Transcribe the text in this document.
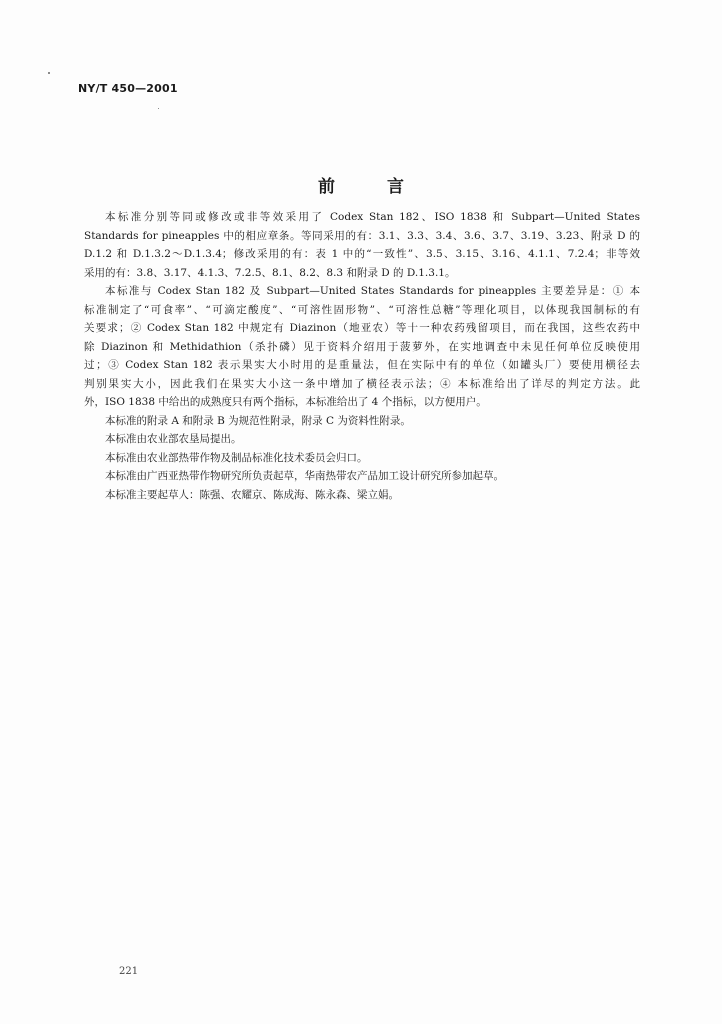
NY/T 450—2001
前	言
本标准分别等同或修改或非等效采用了 Codex Stan 182、ISO 1838 和 Subpart—United States
Standards for pineapples 中的相应章条。等同采用的有：3.1、3.3、3.4、3.6、3.7、3.19、3.23、附录 D 的
D.1.2 和 D.1.3.2～D.1.3.4；修改采用的有：表 1 中的“一致性”、3.5、3.15、3.16、4.1.1、7.2.4；非等效
采用的有：3.8、3.17、4.1.3、7.2.5、8.1、8.2、8.3 和附录 D 的 D.1.3.1。
本标准与 Codex Stan 182 及 Subpart—United States Standards for pineapples 主要差异是：① 本
标准制定了“可食率”、“可滴定酸度”、“可溶性固形物”、“可溶性总糖”等理化项目，以体现我国制标的有
关要求；② Codex Stan 182 中规定有 Diazinon（地亚农）等十一种农药残留项目，而在我国，这些农药中
除 Diazinon 和 Methidathion（杀扑磷）见于资料介绍用于菠萝外，在实地调查中未见任何单位反映使用
过；③ Codex Stan 182 表示果实大小时用的是重量法，但在实际中有的单位（如罐头厂）要使用横径去
判别果实大小，因此我们在果实大小这一条中增加了横径表示法；④ 本标准给出了详尽的判定方法。此
外，ISO 1838 中给出的成熟度只有两个指标，本标准给出了 4 个指标，以方便用户。
本标准的附录 A 和附录 B 为规范性附录，附录 C 为资料性附录。
本标准由农业部农垦局提出。
本标准由农业部热带作物及制品标准化技术委员会归口。
本标准由广西亚热带作物研究所负责起草，华南热带农产品加工设计研究所参加起草。
本标准主要起草人：陈强、农耀京、陈成海、陈永森、梁立娟。
221
